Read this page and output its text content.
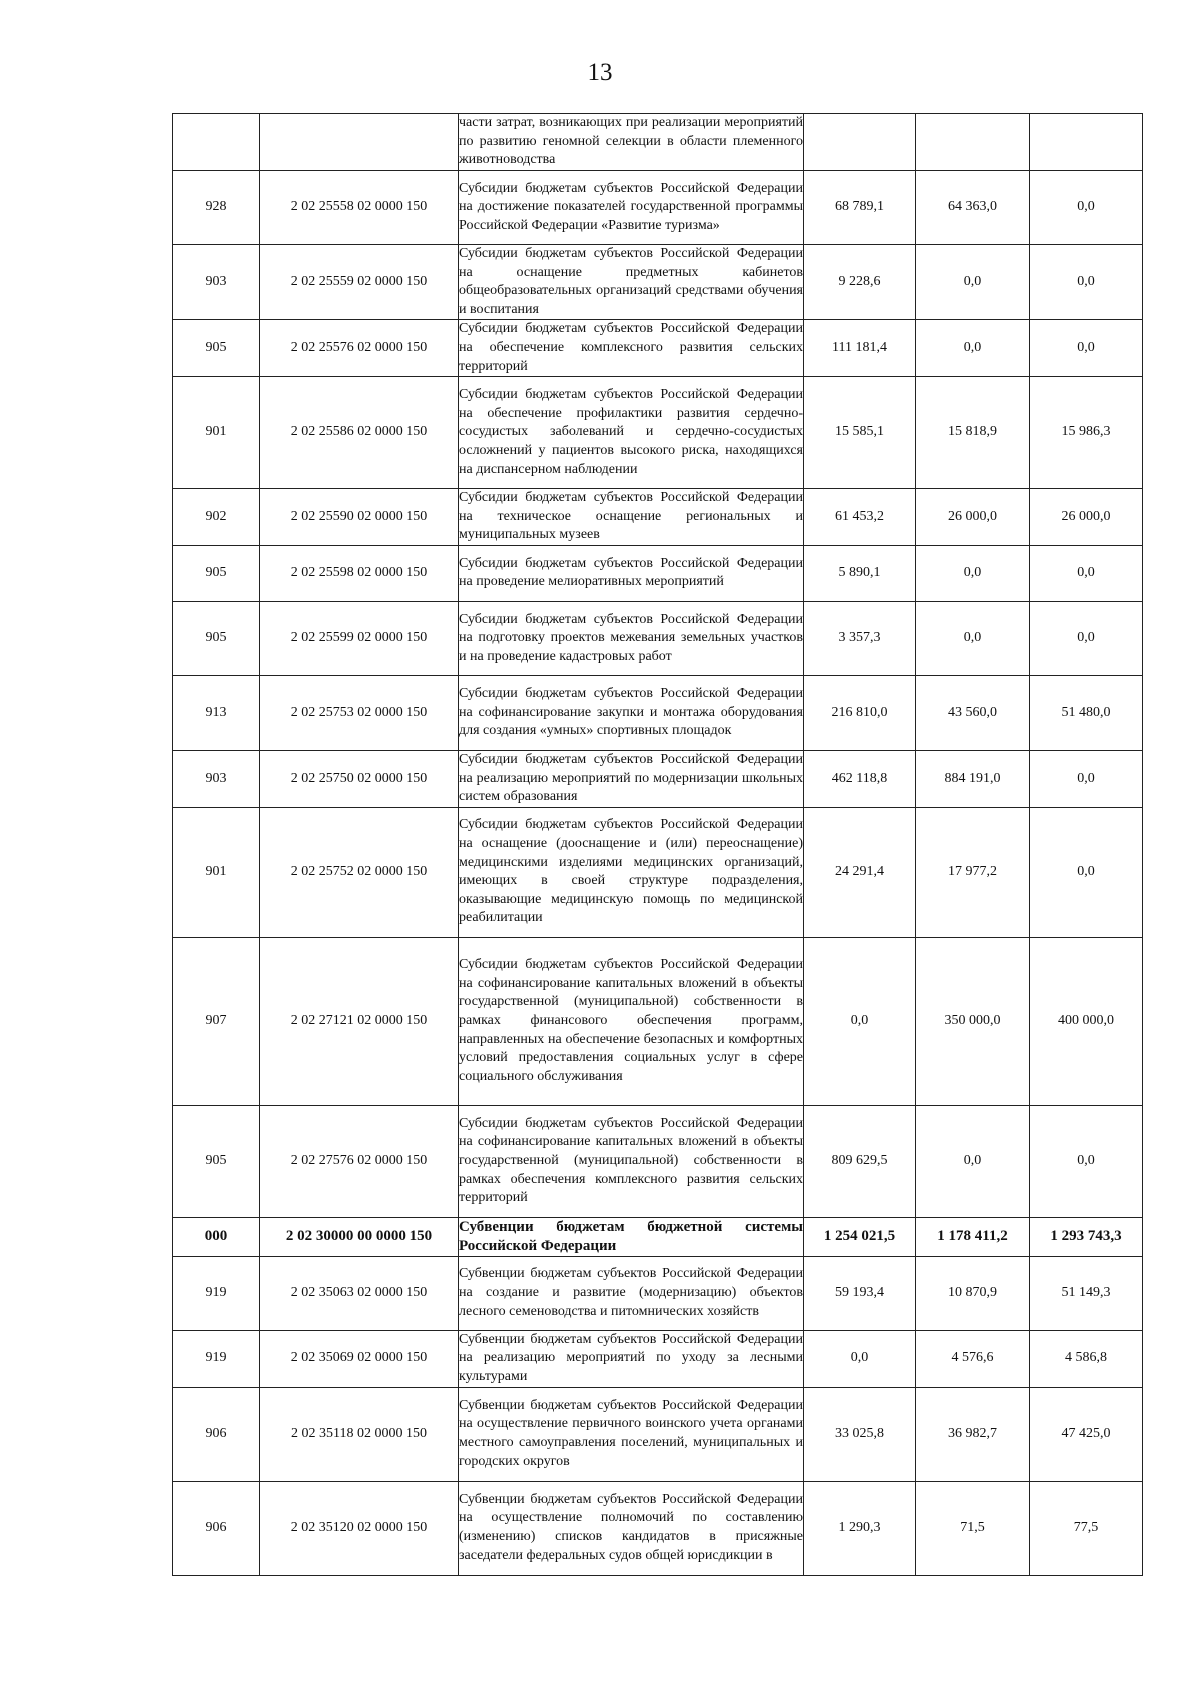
13
		части затрат, возникающих при реализации мероприятий по развитию геномной селекции в области племенного животноводства			
928	2 02 25558 02 0000 150	Субсидии бюджетам субъектов Российской Федерации на достижение показателей государственной программы Российской Федерации «Развитие туризма»	68 789,1	64 363,0	0,0
903	2 02 25559 02 0000 150	Субсидии бюджетам субъектов Российской Федерации на оснащение предметных кабинетов общеобразовательных организаций средствами обучения и воспитания	9 228,6	0,0	0,0
905	2 02 25576 02 0000 150	Субсидии бюджетам субъектов Российской Федерации на обеспечение комплексного развития сельских территорий	111 181,4	0,0	0,0
901	2 02 25586 02 0000 150	Субсидии бюджетам субъектов Российской Федерации на обеспечение профилактики развития сердечно-сосудистых заболеваний и сердечно-сосудистых осложнений у пациентов высокого риска, находящихся на диспансерном наблюдении	15 585,1	15 818,9	15 986,3
902	2 02 25590 02 0000 150	Субсидии бюджетам субъектов Российской Федерации на техническое оснащение региональных и муниципальных музеев	61 453,2	26 000,0	26 000,0
905	2 02 25598 02 0000 150	Субсидии бюджетам субъектов Российской Федерации на проведение мелиоративных мероприятий	5 890,1	0,0	0,0
905	2 02 25599 02 0000 150	Субсидии бюджетам субъектов Российской Федерации на подготовку проектов межевания земельных участков и на проведение кадастровых работ	3 357,3	0,0	0,0
913	2 02 25753 02 0000 150	Субсидии бюджетам субъектов Российской Федерации на софинансирование закупки и монтажа оборудования для создания «умных» спортивных площадок	216 810,0	43 560,0	51 480,0
903	2 02 25750 02 0000 150	Субсидии бюджетам субъектов Российской Федерации на реализацию мероприятий по модернизации школьных систем образования	462 118,8	884 191,0	0,0
901	2 02 25752 02 0000 150	Субсидии бюджетам субъектов Российской Федерации на оснащение (дооснащение и (или) переоснащение) медицинскими изделиями медицинских организаций, имеющих в своей структуре подразделения, оказывающие медицинскую помощь по медицинской реабилитации	24 291,4	17 977,2	0,0
907	2 02 27121 02 0000 150	Субсидии бюджетам субъектов Российской Федерации на софинансирование капитальных вложений в объекты государственной (муниципальной) собственности в рамках финансового обеспечения программ, направленных на обеспечение безопасных и комфортных условий предоставления социальных услуг в сфере социального обслуживания	0,0	350 000,0	400 000,0
905	2 02 27576 02 0000 150	Субсидии бюджетам субъектов Российской Федерации на софинансирование капитальных вложений в объекты государственной (муниципальной) собственности в рамках обеспечения комплексного развития сельских территорий	809 629,5	0,0	0,0
000	2 02 30000 00 0000 150	Субвенции бюджетам бюджетной системы Российской Федерации	1 254 021,5	1 178 411,2	1 293 743,3
919	2 02 35063 02 0000 150	Субвенции бюджетам субъектов Российской Федерации на создание и развитие (модернизацию) объектов лесного семеноводства и питомнических хозяйств	59 193,4	10 870,9	51 149,3
919	2 02 35069 02 0000 150	Субвенции бюджетам субъектов Российской Федерации на реализацию мероприятий по уходу за лесными культурами	0,0	4 576,6	4 586,8
906	2 02 35118 02 0000 150	Субвенции бюджетам субъектов Российской Федерации на осуществление первичного воинского учета органами местного самоуправления поселений, муниципальных и городских округов	33 025,8	36 982,7	47 425,0
906	2 02 35120 02 0000 150	Субвенции бюджетам субъектов Российской Федерации на осуществление полномочий по составлению (изменению) списков кандидатов в присяжные заседатели федеральных судов общей юрисдикции в	1 290,3	71,5	77,5
